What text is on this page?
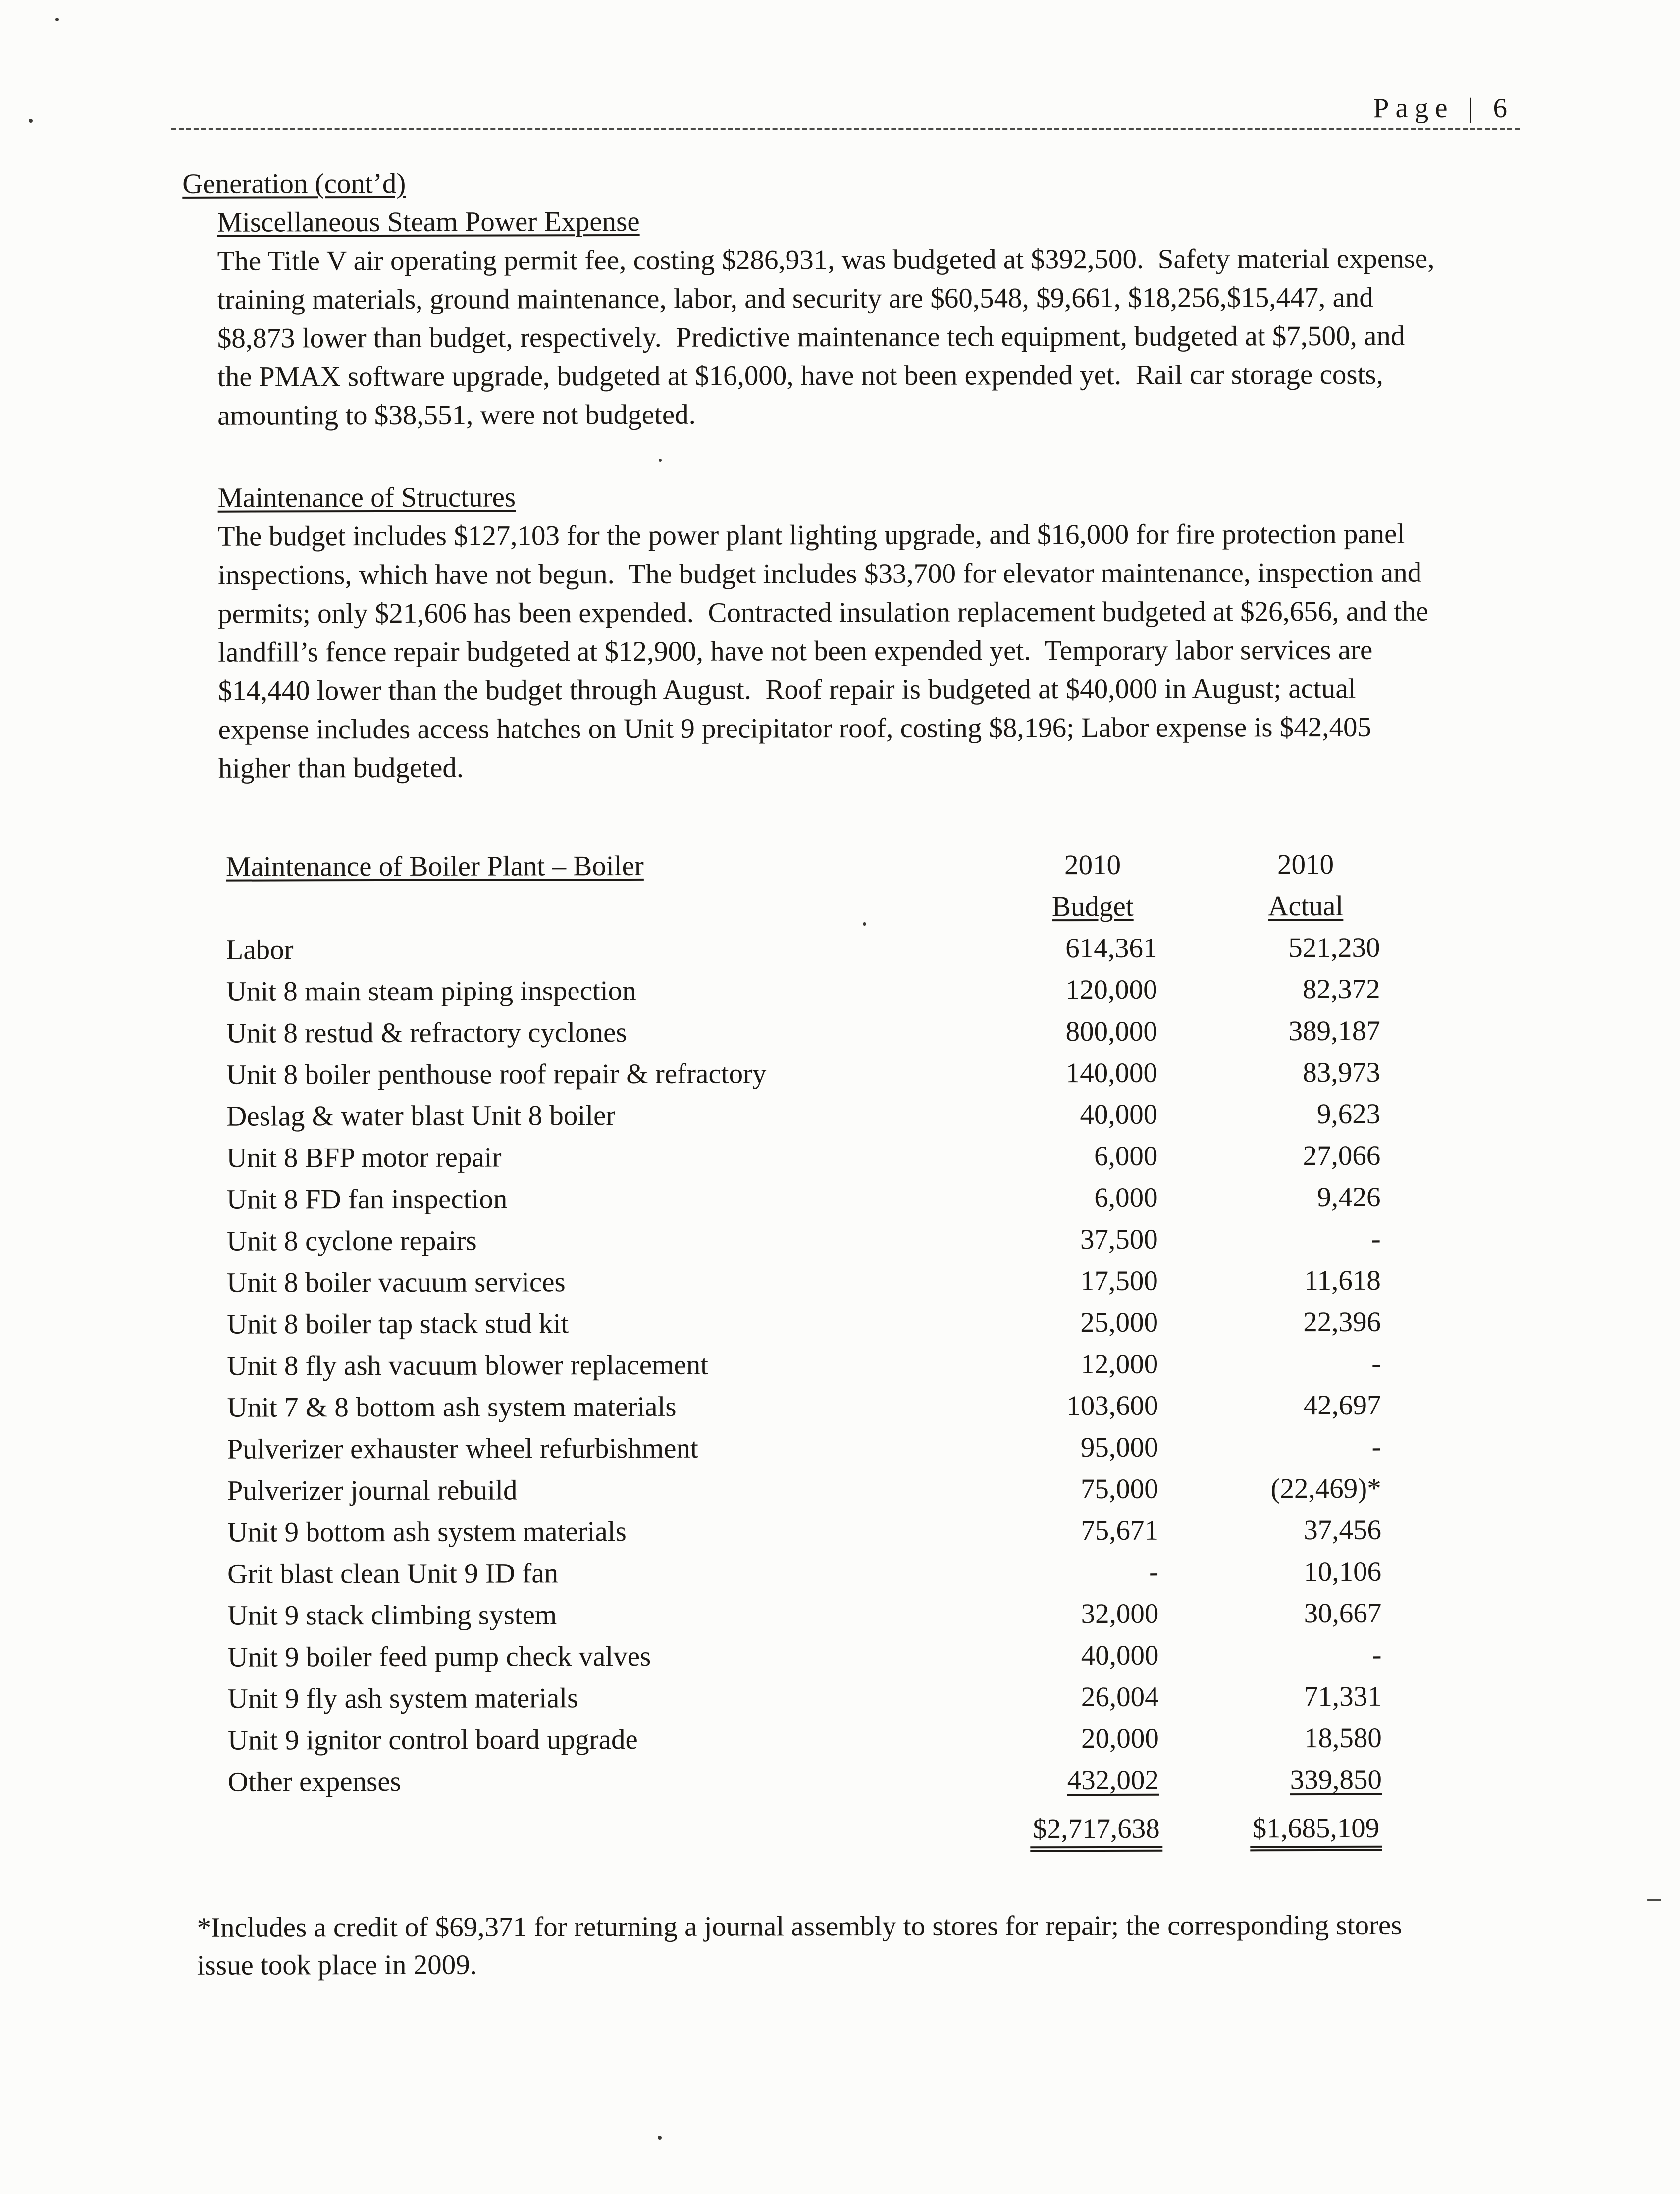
Page | 6
Generation (cont’d)
Miscellaneous Steam Power Expense

The Title V air operating permit fee, costing $286,931, was budgeted at $392,500.  Safety material expense, training materials, ground maintenance, labor, and security are $60,548, $9,661, $18,256,$15,447, and $8,873 lower than budget, respectively.  Predictive maintenance tech equipment, budgeted at $7,500, and the PMAX software upgrade, budgeted at $16,000, have not been expended yet.  Rail car storage costs, amounting to $38,551, were not budgeted.

Maintenance of Structures

The budget includes $127,103 for the power plant lighting upgrade, and $16,000 for fire protection panel inspections, which have not begun.  The budget includes $33,700 for elevator maintenance, inspection and permits; only $21,606 has been expended.  Contracted insulation replacement budgeted at $26,656, and the landfill’s fence repair budgeted at $12,900, have not been expended yet.  Temporary labor services are $14,440 lower than the budget through August.  Roof repair is budgeted at $40,000 in August; actual expense includes access hatches on Unit 9 precipitator roof, costing $8,196; Labor expense is $42,405 higher than budgeted.

Maintenance of Boiler Plant – Boiler	2010	2010
Budget	Actual
Labor	614,361	521,230
Unit 8 main steam piping inspection	120,000	82,372
Unit 8 restud & refractory cyclones	800,000	389,187
Unit 8 boiler penthouse roof repair & refractory	140,000	83,973
Deslag & water blast Unit 8 boiler	40,000	9,623
Unit 8 BFP motor repair	6,000	27,066
Unit 8 FD fan inspection	6,000	9,426
Unit 8 cyclone repairs	37,500	-
Unit 8 boiler vacuum services	17,500	11,618
Unit 8 boiler tap stack stud kit	25,000	22,396
Unit 8 fly ash vacuum blower replacement	12,000	-
Unit 7 & 8 bottom ash system materials	103,600	42,697
Pulverizer exhauster wheel refurbishment	95,000	-
Pulverizer journal rebuild	75,000	(22,469)*
Unit 9 bottom ash system materials	75,671	37,456
Grit blast clean Unit 9 ID fan	-	10,106
Unit 9 stack climbing system	32,000	30,667
Unit 9 boiler feed pump check valves	40,000	-
Unit 9 fly ash system materials	26,004	71,331
Unit 9 ignitor control board upgrade	20,000	18,580
Other expenses	432,002	339,850
$2,717,638	$1,685,109

*Includes a credit of $69,371 for returning a journal assembly to stores for repair; the corresponding stores issue took place in 2009.
